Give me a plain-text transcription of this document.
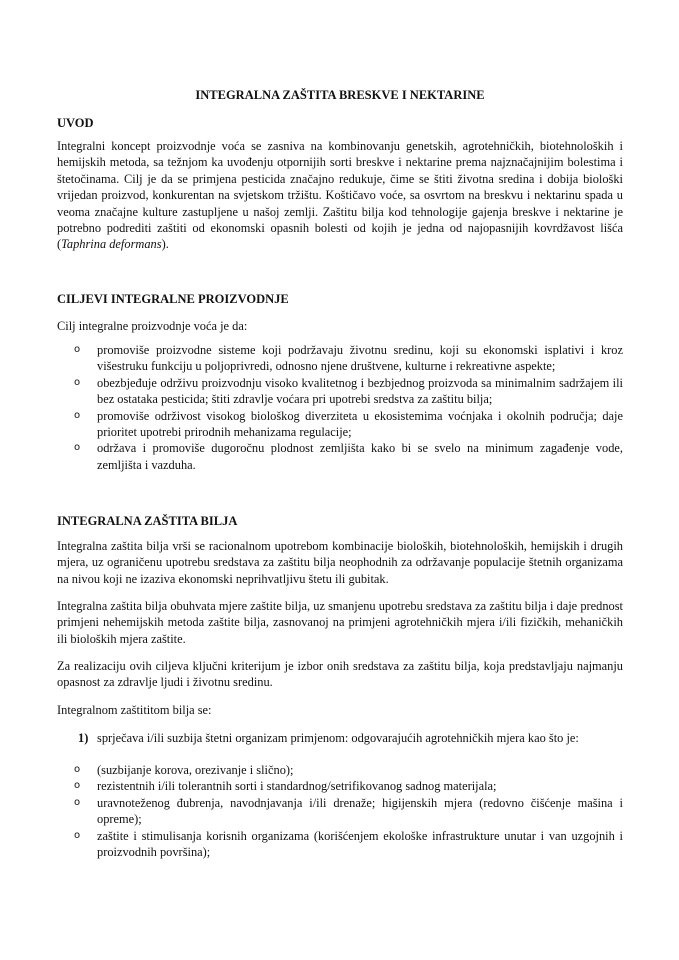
INTEGRALNA ZAŠTITA BRESKVE I NEKTARINE
UVOD

Integralni koncept proizvodnje voća se zasniva na kombinovanju genetskih, agrotehničkih, biotehnoloških i hemijskih metoda, sa težnjom ka uvođenju otpornijih sorti breskve i nektarine prema najznačajnijim bolestima i štetočinama. Cilj je da se primjena pesticida značajno redukuje, čime se štiti životna sredina i dobija biološki vrijedan proizvod, konkurentan na svjetskom tržištu. Koštičavo voće, sa osvrtom na breskvu i nektarinu spada u veoma značajne kulture zastupljene u našoj zemlji. Zaštitu bilja kod tehnologije gajenja breskve i nektarine je potrebno podrediti zaštiti od ekonomski opasnih bolesti od kojih je jedna od najopasnijih kovrdžavost lišća (Taphrina deformans).

CILJEVI INTEGRALNE PROIZVODNJE

Cilj integralne proizvodnje voća je da:

o promoviše proizvodne sisteme koji podržavaju životnu sredinu, koji su ekonomski isplativi i kroz višestruku funkciju u poljoprivredi, odnosno njene društvene, kulturne i rekreativne aspekte;
o obezbjeđuje održivu proizvodnju visoko kvalitetnog i bezbjednog proizvoda sa minimalnim sadržajem ili bez ostataka pesticida; štiti zdravlje voćara pri upotrebi sredstva za zaštitu bilja;
o promoviše održivost visokog biološkog diverziteta u ekosistemima voćnjaka i okolnih područja; daje prioritet upotrebi prirodnih mehanizama regulacije;
o održava i promoviše dugoročnu plodnost zemljišta kako bi se svelo na minimum zagađenje vode, zemljišta i vazduha.
INTEGRALNA ZAŠTITA BILJA

Integralna zaštita bilja vrši se racionalnom upotrebom kombinacije bioloških, biotehnoloških, hemijskih i drugih mjera, uz ograničenu upotrebu sredstava za zaštitu bilja neophodnih za održavanje populacije štetnih organizama na nivou koji ne izaziva ekonomski neprihvatljivu štetu ili gubitak.

Integralna zaštita bilja obuhvata mjere zaštite bilja, uz smanjenu upotrebu sredstava za zaštitu bilja i daje prednost primjeni nehemijskih metoda zaštite bilja, zasnovanoj na primjeni agrotehničkih mjera i/ili fizičkih, mehaničkih ili bioloških mjera zaštite.

Za realizaciju ovih ciljeva ključni kriterijum je izbor onih sredstava za zaštitu bilja, koja predstavljaju najmanju opasnost za zdravlje ljudi i životnu sredinu.

Integralnom zaštititom bilja se:

1) sprječava i/ili suzbija štetni organizam primjenom: odgovarajućih agrotehničkih mjera kao što je:
o (suzbijanje korova, orezivanje i slično);
o rezistentnih i/ili tolerantnih sorti i standardnog/setrifikovanog sadnog materijala;
o uravnoteženog đubrenja, navodnjavanja i/ili drenaže; higijenskih mjera (redovno čišćenje mašina i opreme);
o zaštite i stimulisanja korisnih organizama (korišćenjem ekološke infrastrukture unutar i van uzgojnih i proizvodnih površina);
